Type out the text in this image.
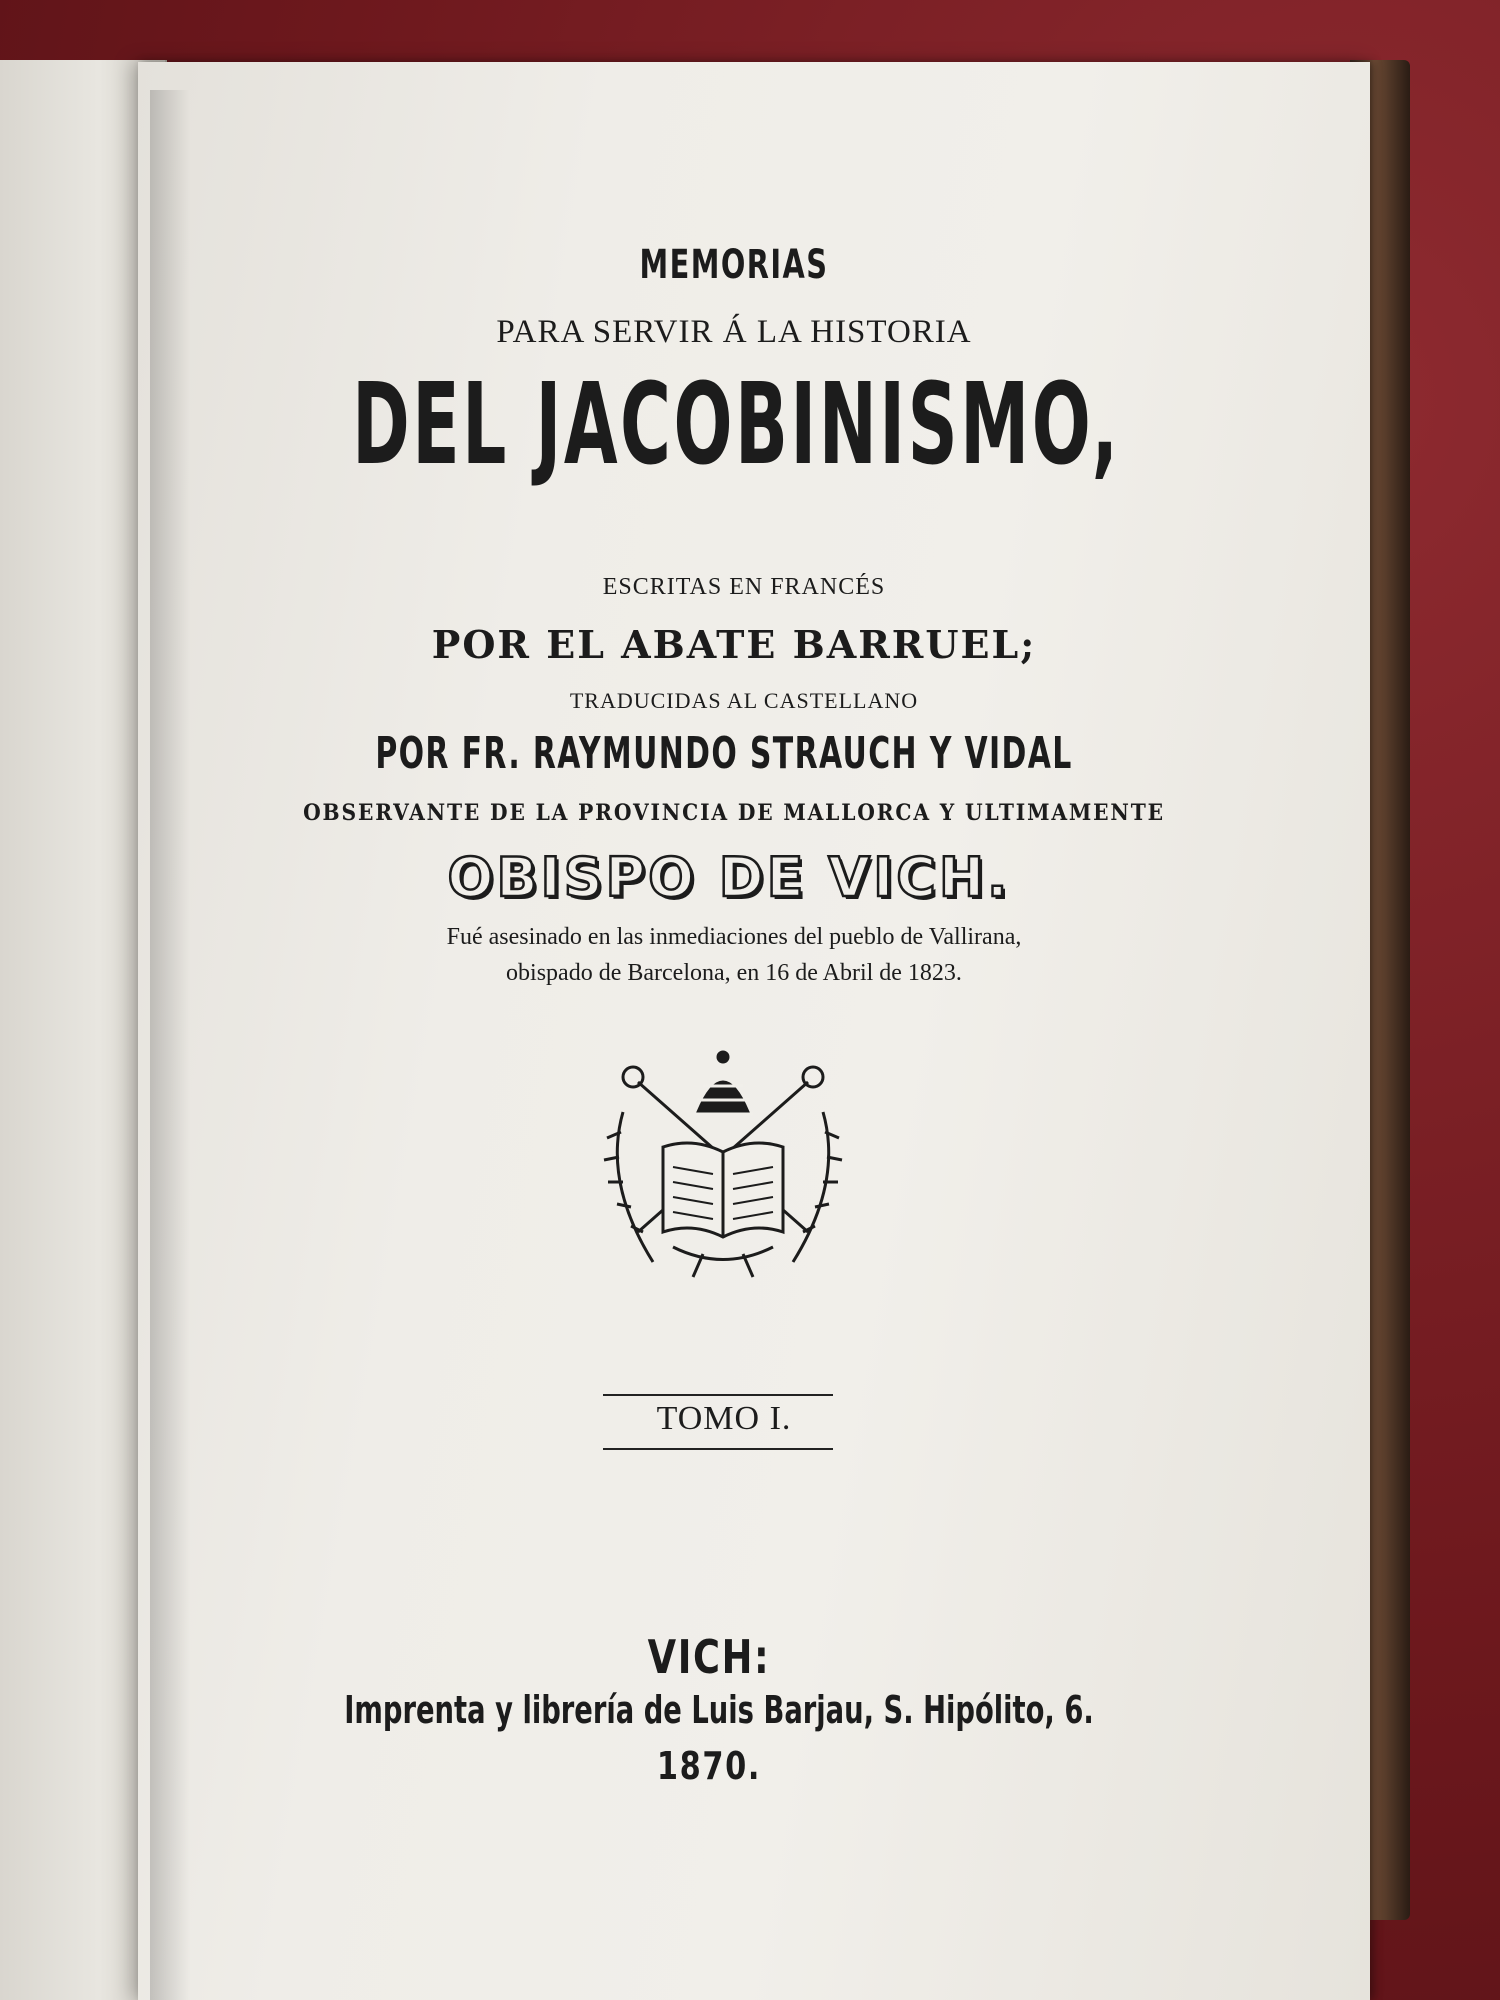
MEMORIAS
PARA SERVIR Á LA HISTORIA
DEL JACOBINISMO,
ESCRITAS EN FRANCÉS
POR EL ABATE BARRUEL;
TRADUCIDAS AL CASTELLANO
POR FR. RAYMUNDO STRAUCH Y VIDAL
OBSERVANTE DE LA PROVINCIA DE MALLORCA Y ULTIMAMENTE
OBISPO DE VICH.
Fué asesinado en las inmediaciones del pueblo de Vallirana,
obispado de Barcelona, en 16 de Abril de 1823.
TOMO I.
VICH:
Imprenta y librería de Luis Barjau, S. Hipólito, 6.
1870.
